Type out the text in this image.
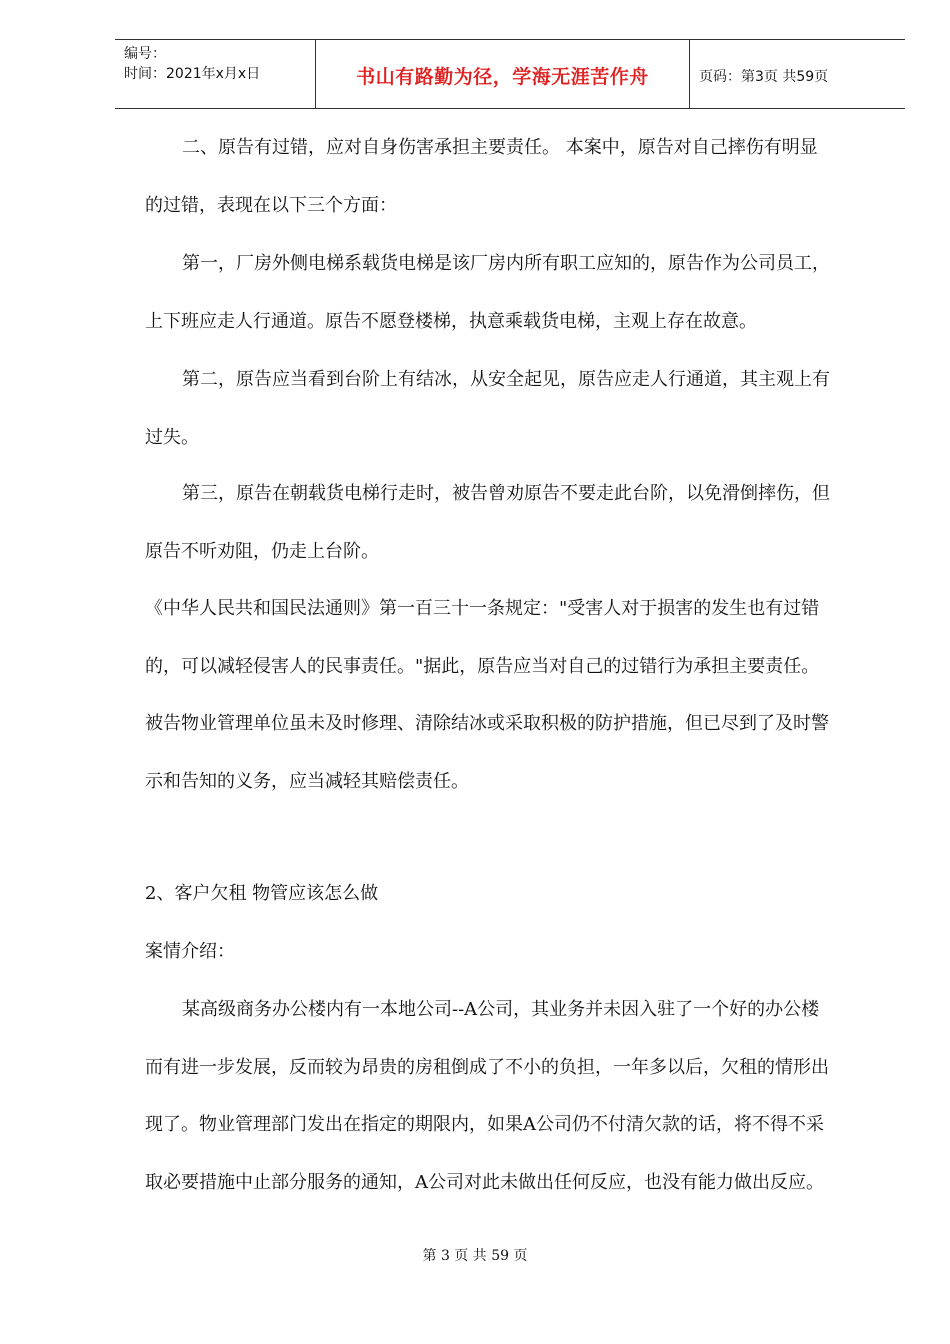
编号：
时间：2021年x月x日	书山有路勤为径，学海无涯苦作舟	页码：第3页 共59页
二、原告有过错，应对自身伤害承担主要责任。 本案中，原告对自己摔伤有明显
的过错，表现在以下三个方面：
第一，厂房外侧电梯系载货电梯是该厂房内所有职工应知的，原告作为公司员工，
上下班应走人行通道。原告不愿登楼梯，执意乘载货电梯，主观上存在故意。
第二，原告应当看到台阶上有结冰，从安全起见，原告应走人行通道，其主观上有
过失。
第三，原告在朝载货电梯行走时，被告曾劝原告不要走此台阶，以免滑倒摔伤，但
原告不听劝阻，仍走上台阶。
《中华人民共和国民法通则》第一百三十一条规定："受害人对于损害的发生也有过错
的，可以减轻侵害人的民事责任。"据此，原告应当对自己的过错行为承担主要责任。
被告物业管理单位虽未及时修理、清除结冰或采取积极的防护措施，但已尽到了及时警
示和告知的义务，应当减轻其赔偿责任。
2、客户欠租 物管应该怎么做
案情介绍：
某高级商务办公楼内有一本地公司--A公司，其业务并未因入驻了一个好的办公楼
而有进一步发展，反而较为昂贵的房租倒成了不小的负担，一年多以后，欠租的情形出
现了。物业管理部门发出在指定的期限内，如果A公司仍不付清欠款的话，将不得不采
取必要措施中止部分服务的通知，A公司对此未做出任何反应，也没有能力做出反应。
第 3 页 共 59 页
